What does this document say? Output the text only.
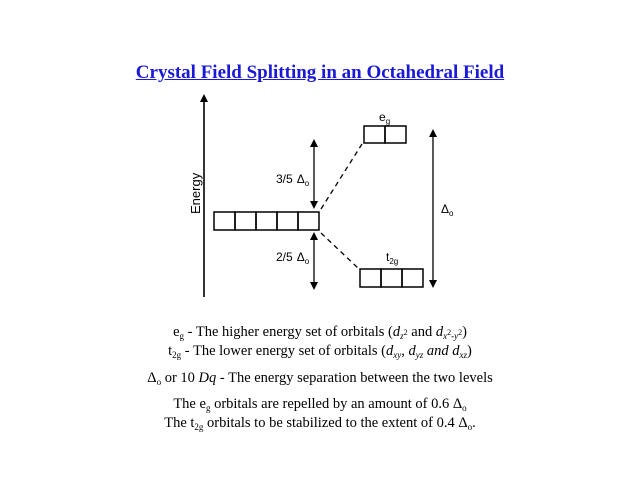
Crystal Field Splitting in an Octahedral Field
Energy
$e_g$
$t_{2g}$
3/5 $\Delta_o$
2/5 $\Delta_o$
$\Delta_o$
$e_g$ - The higher energy set of orbitals ($d_{z^2}$ and $d_{x^2-y^2}$)
$t_{2g}$ - The lower energy set of orbitals ($d_{xy}$, $d_{yz}$ and $d_{xz}$)
$\Delta_o$ or 10 Dq - The energy separation between the two levels
The $e_g$ orbitals are repelled by an amount of 0.6 $\Delta_o$
The $t_{2g}$ orbitals to be stabilized to the extent of 0.4 $\Delta_o$.
